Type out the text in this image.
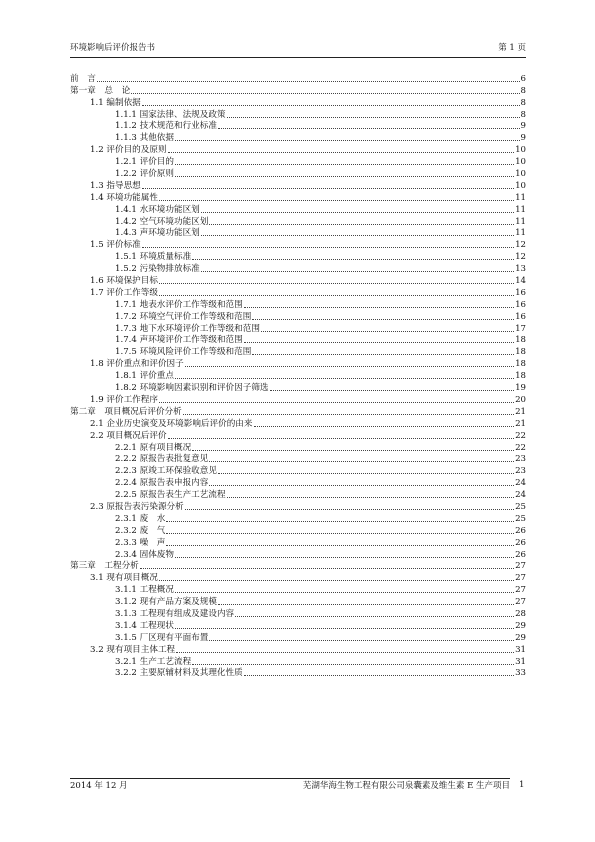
环境影响后评价报告书	第 1 页
前　言	6
第一章　总　论	8
1.1 编制依据	8
1.1.1 国家法律、法规及政策	8
1.1.2 技术规范和行业标准	9
1.1.3 其他依据	9
1.2 评价目的及原则	10
1.2.1 评价目的	10
1.2.2 评价原则	10
1.3 指导思想	10
1.4 环境功能属性	11
1.4.1 水环境功能区划	11
1.4.2 空气环境功能区划	11
1.4.3 声环境功能区划	11
1.5 评价标准	12
1.5.1 环境质量标准	12
1.5.2 污染物排放标准	13
1.6 环境保护目标	14
1.7 评价工作等级	16
1.7.1 地表水评价工作等级和范围	16
1.7.2 环境空气评价工作等级和范围	16
1.7.3 地下水环境评价工作等级和范围	17
1.7.4 声环境评价工作等级和范围	18
1.7.5 环境风险评价工作等级和范围	18
1.8 评价重点和评价因子	18
1.8.1 评价重点	18
1.8.2 环境影响因素识别和评价因子筛选	19
1.9 评价工作程序	20
第二章　项目概况后评价分析	21
2.1 企业历史演变及环境影响后评价的由来	21
2.2 项目概况后评价	22
2.2.1 原有项目概况	22
2.2.2 原报告表批复意见	23
2.2.3 原竣工环保验收意见	23
2.2.4 原报告表申报内容	24
2.2.5 原报告表生产工艺流程	24
2.3 原报告表污染源分析	25
2.3.1 废　水	25
2.3.2 废　气	26
2.3.3 噪　声	26
2.3.4 固体废物	26
第三章　工程分析	27
3.1 现有项目概况	27
3.1.1 工程概况	27
3.1.2 现有产品方案及规模	27
3.1.3 工程现有组成及建设内容	28
3.1.4 工程现状	29
3.1.5 厂区现有平面布置	29
3.2 现有项目主体工程	31
3.2.1 生产工艺流程	31
3.2.2 主要原辅材料及其理化性质	33
2014 年 12 月	芜湖华海生物工程有限公司泉囊素及维生素 E 生产项目 1
